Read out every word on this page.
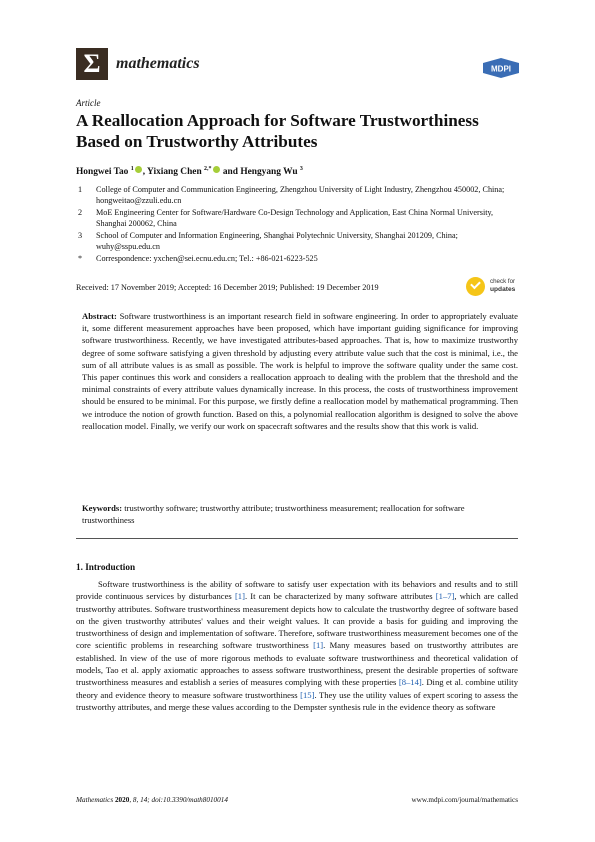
Σ mathematics	MDPI
Article
A Reallocation Approach for Software Trustworthiness Based on Trustworthy Attributes
Hongwei Tao $^1$ , Yixiang Chen $^{2,*}$ and Hengyang Wu $^3$
1 College of Computer and Communication Engineering, Zhengzhou University of Light Industry, Zhengzhou 450002, China; hongweitao@zzuli.edu.cn
2 MoE Engineering Center for Software/Hardware Co-Design Technology and Application, East China Normal University, Shanghai 200062, China
3 School of Computer and Information Engineering, Shanghai Polytechnic University, Shanghai 201209, China; wuhy@sspu.edu.cn
* Correspondence: yxchen@sei.ecnu.edu.cn; Tel.: +86-021-6223-525
Received: 17 November 2019; Accepted: 16 December 2019; Published: 19 December 2019
check for
updates
Abstract: Software trustworthiness is an important research field in software engineering. In order to appropriately evaluate it, some different measurement approaches have been proposed, which have important guiding significance for improving software trustworthiness. Recently, we have investigated attributes-based approaches. That is, how to maximize trustworthy degree of some software satisfying a given threshold by adjusting every attribute value such that the cost is minimal, i.e., the sum of all attribute values is as small as possible. The work is helpful to improve the software quality under the same cost. This paper continues this work and considers a reallocation approach to dealing with the problem that the threshold and the minimal constraints of every attribute values dynamically increase. In this process, the costs of trustworthiness improvement should be ensured to be minimal. For this purpose, we firstly define a reallocation model by mathematical programming. Then we introduce the notion of growth function. Based on this, a polynomial reallocation algorithm is designed to solve the above reallocation model. Finally, we verify our work on spacecraft softwares and the results show that this work is valid.
Keywords: trustworthy software; trustworthy attribute; trustworthiness measurement; reallocation for software trustworthiness
1. Introduction
Software trustworthiness is the ability of software to satisfy user expectation with its behaviors and results and to still provide continuous services by disturbances [1]. It can be characterized by many software attributes [1–7], which are called trustworthy attributes. Software trustworthiness measurement depicts how to calculate the trustworthy degree of software based on the given trustworthy attributes' values and their weight values. It can provide a basis for guiding and improving the trustworthiness of design and implementation of software. Therefore, software trustworthiness measurement becomes one of the core scientific problems in researching software trustworthiness [1]. Many measures based on trustworthy attributes are established. In view of the use of more rigorous methods to evaluate software trustworthiness and theoretical validation of models, Tao et al. apply axiomatic approaches to assess software trustworthiness, present the desirable properties of software trustworthiness measures and establish a series of measures complying with these properties [8–14]. Ding et al. combine utility theory and evidence theory to measure software trustworthiness [15]. They use the utility values of expert scoring to assess the trustworthy attributes, and merge these values according to the Dempster synthesis rule in the evidence theory as software
Mathematics 2020, 8, 14; doi:10.3390/math8010014	www.mdpi.com/journal/mathematics
